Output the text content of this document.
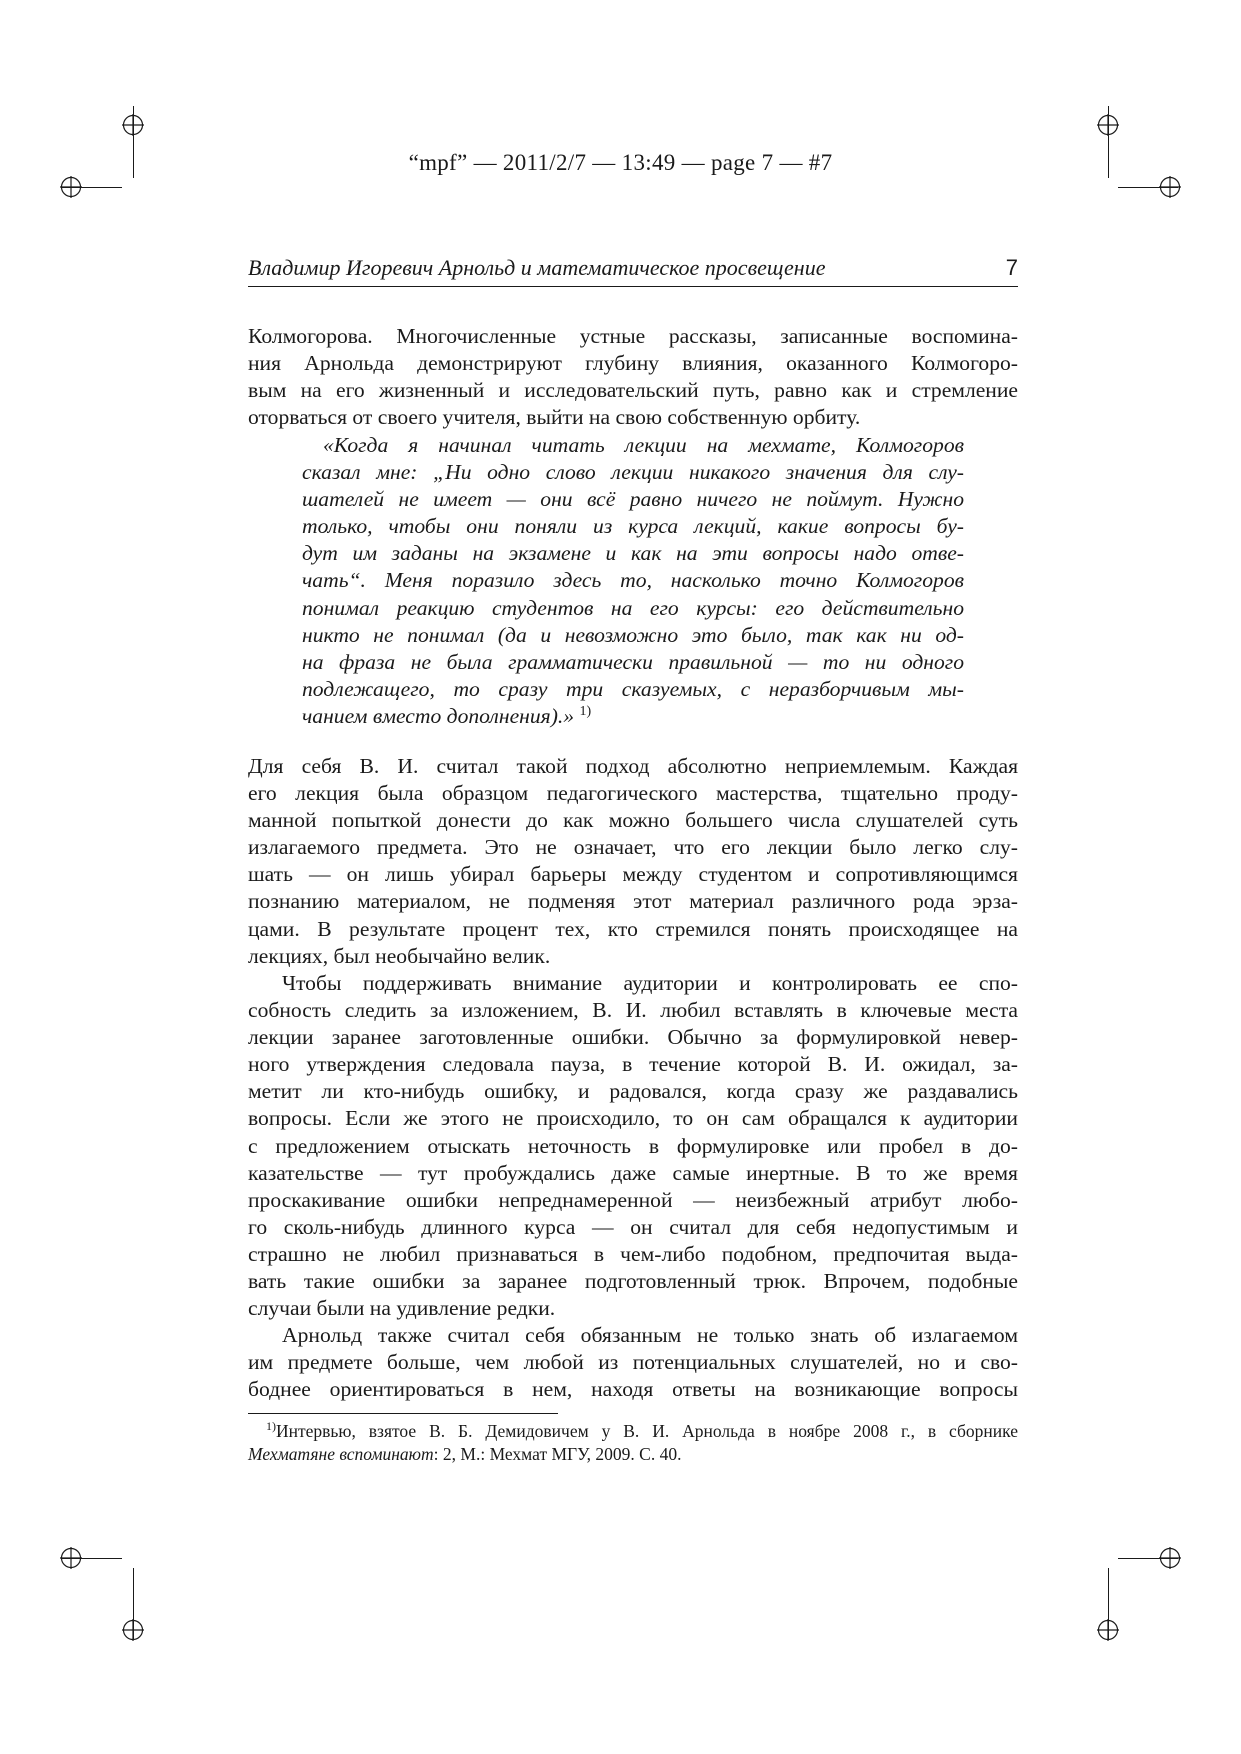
“mpf” — 2011/2/7 — 13:49 — page 7 — #7
Владимир Игоревич Арнольд и математическое просвещение	7
Колмогорова. Многочисленные устные рассказы, записанные воспомина-
ния Арнольда демонстрируют глубину влияния, оказанного Колмогоро-
вым на его жизненный и исследовательский путь, равно как и стремление
оторваться от своего учителя, выйти на свою собственную орбиту.
«Когда я начинал читать лекции на мехмате, Колмогоров
сказал мне: „Ни одно слово лекции никакого значения для слу-
шателей не имеет — они всё равно ничего не поймут. Нужно
только, чтобы они поняли из курса лекций, какие вопросы бу-
дут им заданы на экзамене и как на эти вопросы надо отве-
чать“. Меня поразило здесь то, насколько точно Колмогоров
понимал реакцию студентов на его курсы: его действительно
никто не понимал (да и невозможно это было, так как ни од-
на фраза не была грамматически правильной — то ни одного
подлежащего, то сразу три сказуемых, с неразборчивым мы-
чанием вместо дополнения).» $^{1)}$
Для себя В. И. считал такой подход абсолютно неприемлемым. Каждая
его лекция была образцом педагогического мастерства, тщательно проду-
манной попыткой донести до как можно большего числа слушателей суть
излагаемого предмета. Это не означает, что его лекции было легко слу-
шать — он лишь убирал барьеры между студентом и сопротивляющимся
познанию материалом, не подменяя этот материал различного рода эрза-
цами. В результате процент тех, кто стремился понять происходящее на
лекциях, был необычайно велик.
Чтобы поддерживать внимание аудитории и контролировать ее спо-
собность следить за изложением, В. И. любил вставлять в ключевые места
лекции заранее заготовленные ошибки. Обычно за формулировкой невер-
ного утверждения следовала пауза, в течение которой В. И. ожидал, за-
метит ли кто-нибудь ошибку, и радовался, когда сразу же раздавались
вопросы. Если же этого не происходило, то он сам обращался к аудитории
с предложением отыскать неточность в формулировке или пробел в до-
казательстве — тут пробуждались даже самые инертные. В то же время
проскакивание ошибки непреднамеренной — неизбежный атрибут любо-
го сколь-нибудь длинного курса — он считал для себя недопустимым и
страшно не любил признаваться в чем-либо подобном, предпочитая выда-
вать такие ошибки за заранее подготовленный трюк. Впрочем, подобные
случаи были на удивление редки.
Арнольд также считал себя обязанным не только знать об излагаемом
им предмете больше, чем любой из потенциальных слушателей, но и сво-
боднее ориентироваться в нем, находя ответы на возникающие вопросы
$^{1)}$Интервью, взятое В. Б. Демидовичем у В. И. Арнольда в ноябре 2008 г., в сборнике
Мехматяне вспоминают: 2, М.: Мехмат МГУ, 2009. С. 40.
